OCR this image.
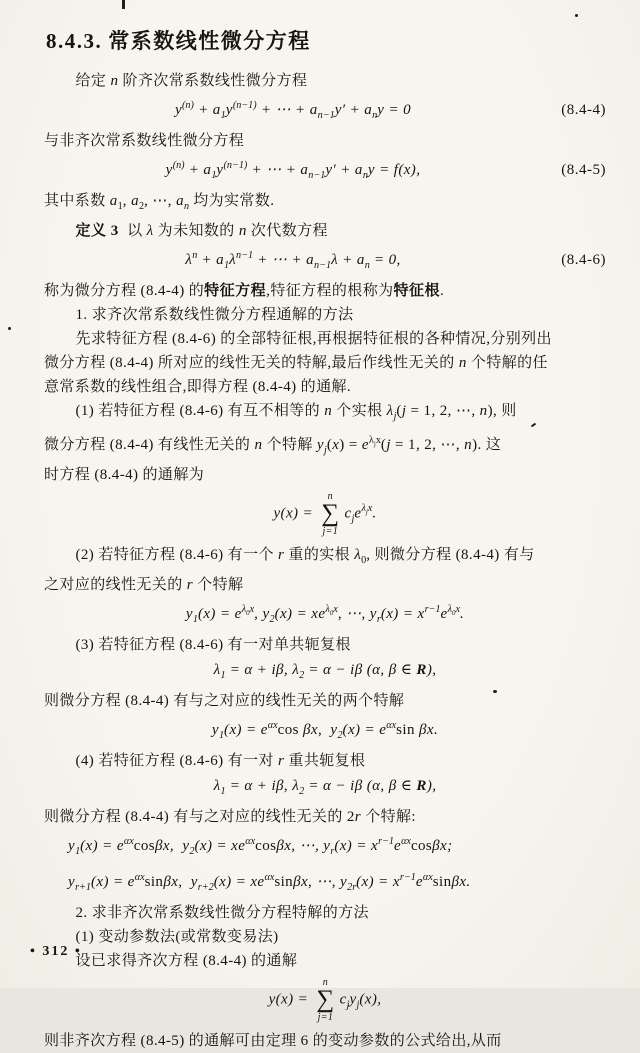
8.4.3. 常系数线性微分方程
给定 n 阶齐次常系数线性微分方程
$y^{(n)} + a_1y^{(n-1)}$ + ⋯ + $a_{n-1}y' + a_ny = 0$	(8.4-4)
与非齐次常系数线性微分方程
$y^{(n)} + a_1y^{(n-1)}$ + ⋯ + $a_{n-1}y' + a_ny = f(x)$,	(8.4-5)
其中系数 $a_1$, $a_2$, ⋯, $a_n$ 均为实常数.
定义 3  以 λ 为未知数的 n 次代数方程
$\lambda^n + a_1\lambda^{n-1}$ + ⋯ + $a_{n-1}\lambda + a_n = 0$,	(8.4-6)
称为微分方程 (8.4-4) 的特征方程,特征方程的根称为特征根.
1. 求齐次常系数线性微分方程通解的方法
先求特征方程 (8.4-6) 的全部特征根,再根据特征根的各种情况,分别列出
微分方程 (8.4-4) 所对应的线性无关的特解,最后作线性无关的 n 个特解的任
意常系数的线性组合,即得方程 (8.4-4) 的通解.
(1) 若特征方程 (8.4-6) 有互不相等的 n 个实根 $\lambda_j(j = 1$, 2, ⋯, n), 则
微分方程 (8.4-4) 有线性无关的 n 个特解 $y_j(x) = e^{\lambda_jx}(j = 1$, 2, ⋯, n). 这
时方程 (8.4-4) 的通解为
y(x) =
n
∑
j=1
$c_je^{\lambda_jx}$.
(2) 若特征方程 (8.4-6) 有一个 r 重的实根 $\lambda_0$, 则微分方程 (8.4-4) 有与
之对应的线性无关的 r 个特解
$y_1(x) = e^{\lambda_0x}$, $y_2(x) = xe^{\lambda_0x}$, ⋯, $y_r(x) = x^{r-1}e^{\lambda_0x}$.
(3) 若特征方程 (8.4-6) 有一对单共轭复根
$\lambda_1 = \alpha + i\beta$, $\lambda_2 = \alpha - i\beta$ (α, β ∈ R),
则微分方程 (8.4-4) 有与之对应的线性无关的两个特解
$y_1(x) = e^{\alpha x}\cos$ βx,  $y_2(x) = e^{\alpha x}\sin$ βx.
(4) 若特征方程 (8.4-6) 有一对 r 重共轭复根
$\lambda_1 = \alpha + i\beta$, $\lambda_2 = \alpha - i\beta$ (α, β ∈ R),
则微分方程 (8.4-4) 有与之对应的线性无关的 2r 个特解:
$y_1(x) = e^{\alpha x}\cos\beta x$,  $y_2(x) = xe^{\alpha x}\cos\beta x$, ⋯, $y_r(x) = x^{r-1}e^{\alpha x}\cos\beta x$;
$y_{r+1}(x) = e^{\alpha x}\sin\beta x$,  $y_{r+2}(x) = xe^{\alpha x}\sin\beta x$, ⋯, $y_{2r}(x) = x^{r-1}e^{\alpha x}\sin\beta x$.
2. 求非齐次常系数线性微分方程特解的方法
(1) 变动参数法(或常数变易法)
设已求得齐次方程 (8.4-4) 的通解
y(x) =
n
∑
j=1
$c_jy_j(x)$,
则非齐次方程 (8.4-5) 的通解可由定理 6 的变动参数的公式给出,从而
• 312 •
